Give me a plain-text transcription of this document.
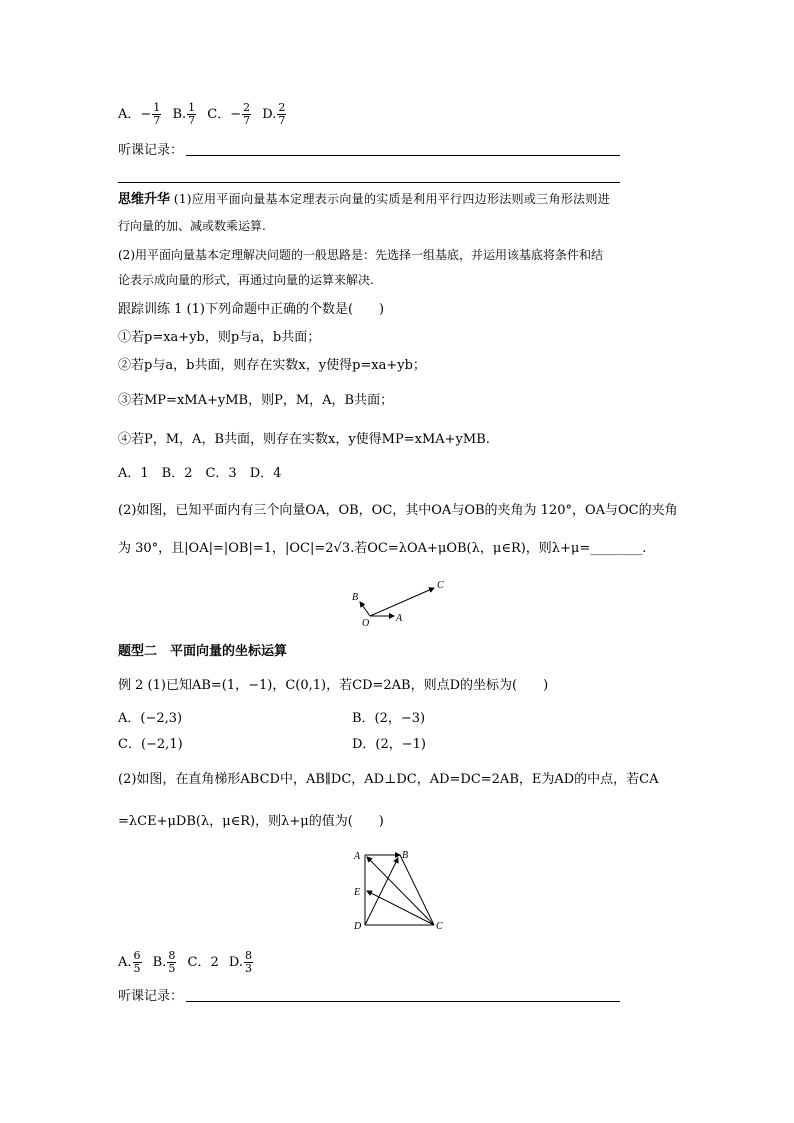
A．− $\frac{1}{7} B$. $\frac{1}{7}$ C．− $\frac{2}{7} D$. $\frac{2}{7}$
听课记录：
思维升华 (1)应用平面向量基本定理表示向量的实质是利用平行四边形法则或三角形法则进
行向量的加、减或数乘运算.
(2)用平面向量基本定理解决问题的一般思路是：先选择一组基底，并运用该基底将条件和结
论表示成向量的形式，再通过向量的运算来解决.
跟踪训练 1 (1)下列命题中正确的个数是(　　)
①若p=xa+yb，则p与a，b共面；
②若p与a，b共面，则存在实数x，y使得p=xa+yb；
③若MP=xMA+yMB，则P，M，A，B共面；
④若P，M，A，B共面，则存在实数x，y使得MP=xMA+yMB.
A．1　B．2　C．3　D．4
(2)如图，已知平面内有三个向量OA，OB，OC，其中OA与OB的夹角为 120°，OA与OC的夹角
为 30°，且|OA|=|OB|=1，|OC|=2√3.若OC=λOA+μOB(λ，μ∈R)，则λ+μ=________.
B
O	A
C
题型二　平面向量的坐标运算
例 2 (1)已知AB=(1，−1)，C(0,1)，若CD=2AB，则点D的坐标为(　　)
A．(−2,3)	B．(2，−3)
C．(−2,1)	D．(2，−1)
(2)如图，在直角梯形ABCD中，AB∥DC，AD⊥DC，AD=DC=2AB，E为AD的中点，若CA
=λCE+μDB(λ，μ∈R)，则λ+μ的值为(　　)
A	B
E
D	C
A. $\frac{6}{5} B$. $\frac{8}{5}$ C．2 D. $\frac{8}{3}$
听课记录：
